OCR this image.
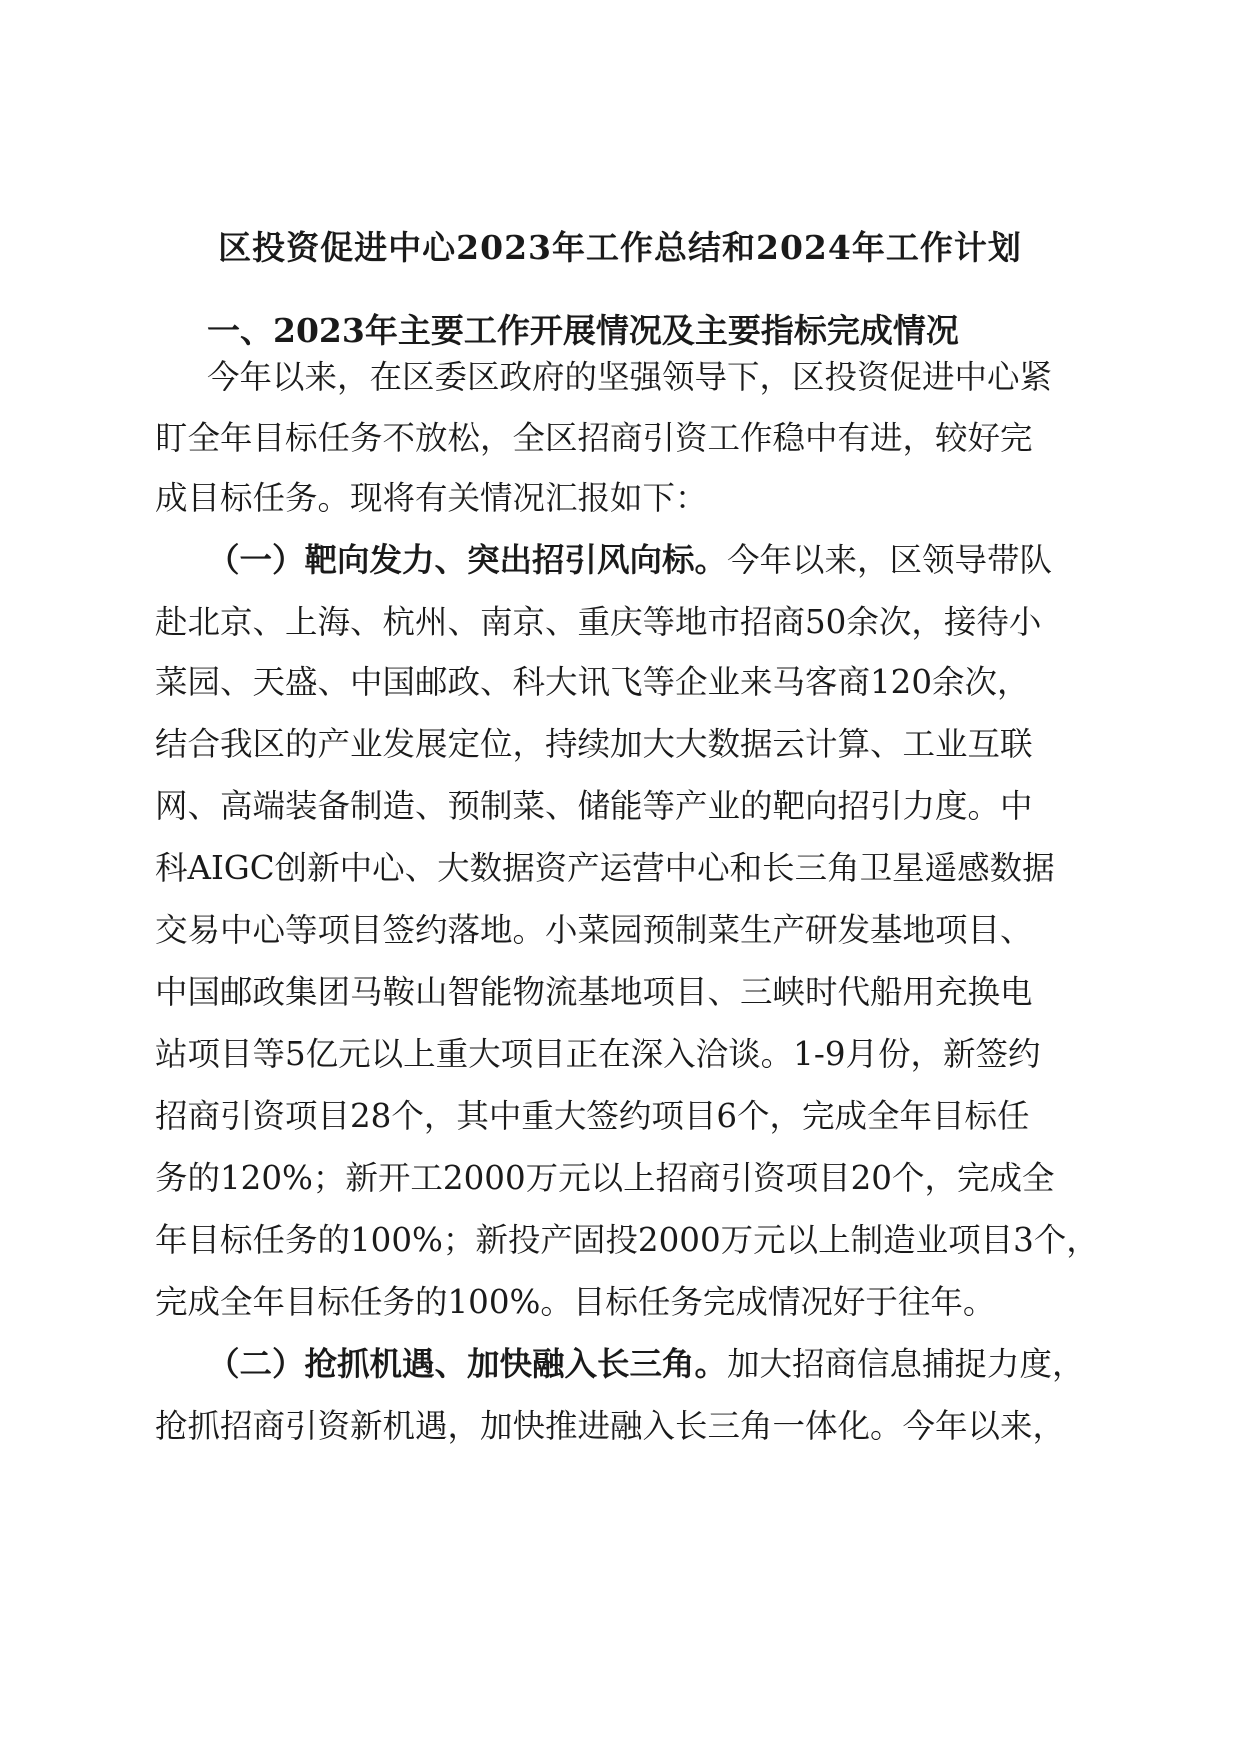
区投资促进中心2023年工作总结和2024年工作计划
一、2023年主要工作开展情况及主要指标完成情况
今年以来，在区委区政府的坚强领导下，区投资促进中心紧
盯全年目标任务不放松，全区招商引资工作稳中有进，较好完
成目标任务。现将有关情况汇报如下：
（一）靶向发力、突出招引风向标。今年以来，区领导带队
赴北京、上海、杭州、南京、重庆等地市招商50余次，接待小
菜园、天盛、中国邮政、科大讯飞等企业来马客商120余次，
结合我区的产业发展定位，持续加大大数据云计算、工业互联
网、高端装备制造、预制菜、储能等产业的靶向招引力度。中
科AIGC创新中心、大数据资产运营中心和长三角卫星遥感数据
交易中心等项目签约落地。小菜园预制菜生产研发基地项目、
中国邮政集团马鞍山智能物流基地项目、三峡时代船用充换电
站项目等5亿元以上重大项目正在深入洽谈。1-9月份，新签约
招商引资项目28个，其中重大签约项目6个，完成全年目标任
务的120%；新开工2000万元以上招商引资项目20个，完成全
年目标任务的100%；新投产固投2000万元以上制造业项目3个，
完成全年目标任务的100%。目标任务完成情况好于往年。
（二）抢抓机遇、加快融入长三角。加大招商信息捕捉力度，
抢抓招商引资新机遇，加快推进融入长三角一体化。今年以来，
